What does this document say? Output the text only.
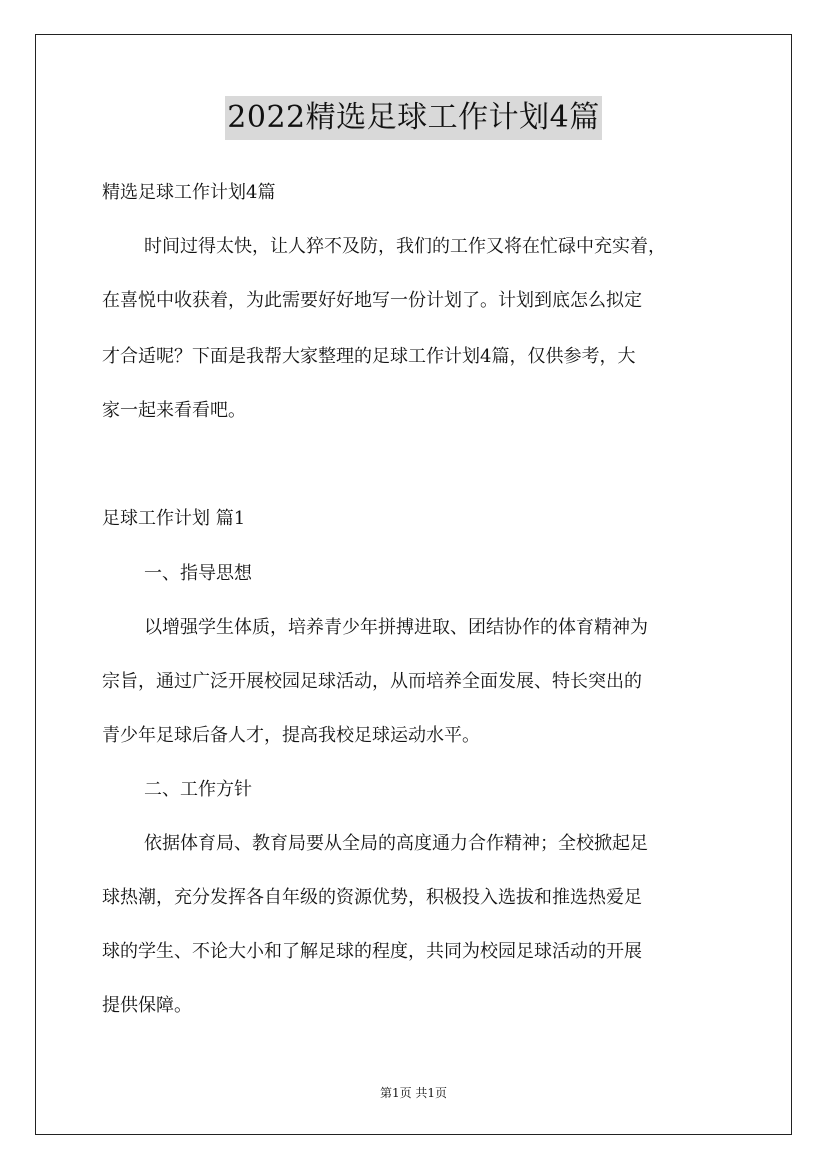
2022精选足球工作计划4篇
精选足球工作计划4篇
时间过得太快，让人猝不及防，我们的工作又将在忙碌中充实着，
在喜悦中收获着，为此需要好好地写一份计划了。计划到底怎么拟定
才合适呢？下面是我帮大家整理的足球工作计划4篇，仅供参考，大
家一起来看看吧。
足球工作计划 篇1
一、指导思想
以增强学生体质，培养青少年拼搏进取、团结协作的体育精神为
宗旨，通过广泛开展校园足球活动，从而培养全面发展、特长突出的
青少年足球后备人才，提高我校足球运动水平。
二、工作方针
依据体育局、教育局要从全局的高度通力合作精神；全校掀起足
球热潮，充分发挥各自年级的资源优势，积极投入选拔和推选热爱足
球的学生、不论大小和了解足球的程度，共同为校园足球活动的开展
提供保障。
第1页 共1页
